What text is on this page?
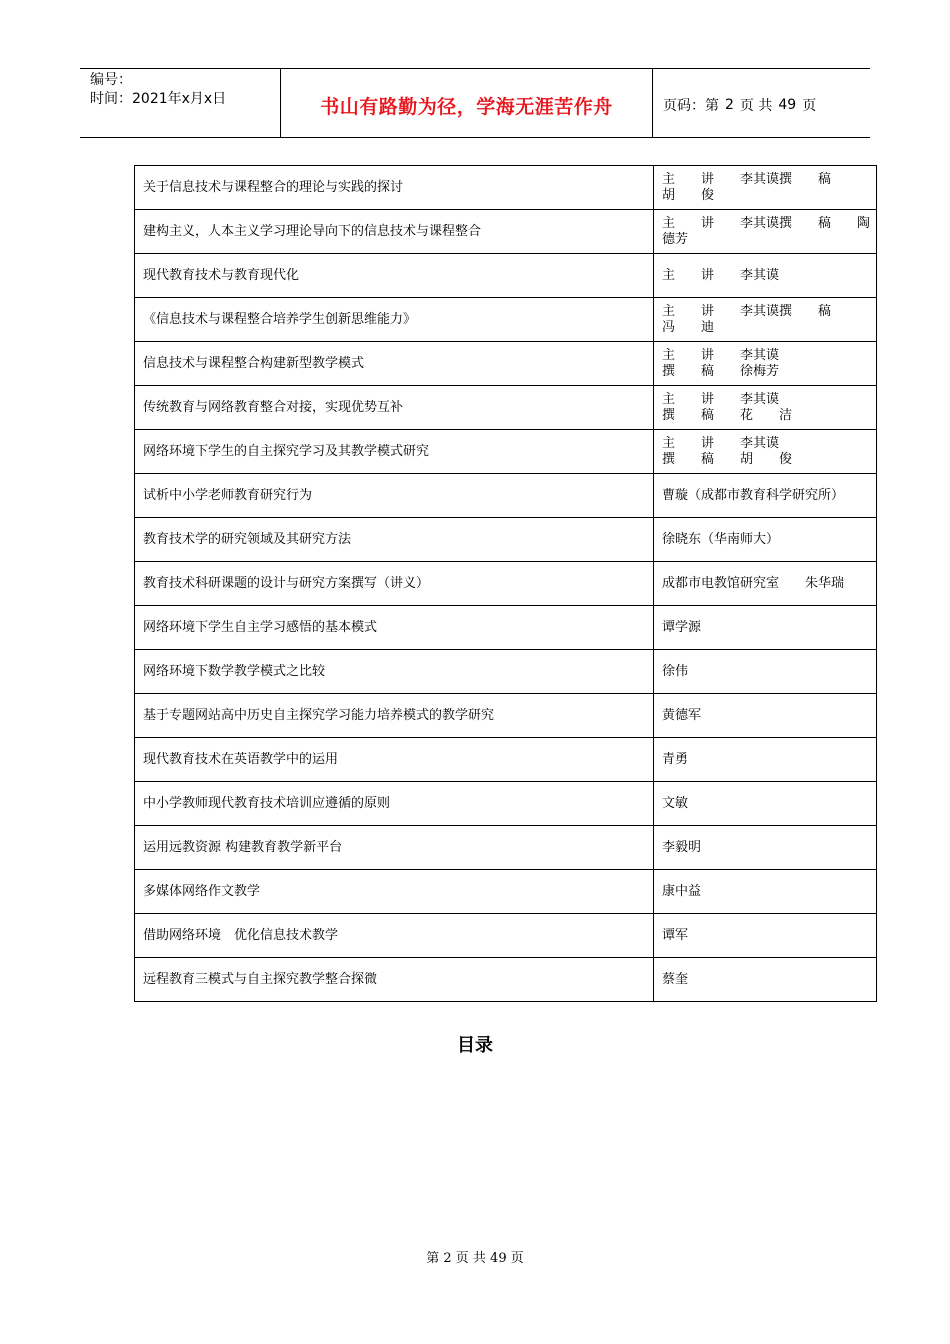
编号：
时间：2021年x月x日	书山有路勤为径，学海无涯苦作舟	页码：第 2 页 共 49 页
关于信息技术与课程整合的理论与实践的探讨	主　　讲　　李其谟撰　　稿
胡　　俊

建构主义，人本主义学习理论导向下的信息技术与课程整合	主　　讲　　李其谟撰　　稿　　陶
德芳

现代教育技术与教育现代化	主　　讲　　李其谟

《信息技术与课程整合培养学生创新思维能力》	主　　讲　　李其谟撰　　稿
冯　　迪

信息技术与课程整合构建新型教学模式	主　　讲　　李其谟
撰　　稿　　徐梅芳

传统教育与网络教育整合对接，实现优势互补	主　　讲　　李其谟
撰　　稿　　花　　洁

网络环境下学生的自主探究学习及其教学模式研究	主　　讲　　李其谟
撰　　稿　　胡　　俊

试析中小学老师教育研究行为	曹璇（成都市教育科学研究所）

教育技术学的研究领域及其研究方法	徐晓东（华南师大）

教育技术科研课题的设计与研究方案撰写（讲义）	成都市电教馆研究室　　朱华瑞

网络环境下学生自主学习感悟的基本模式	谭学源

网络环境下数学教学模式之比较	徐伟

基于专题网站高中历史自主探究学习能力培养模式的教学研究	黄德军

现代教育技术在英语教学中的运用	青勇

中小学教师现代教育技术培训应遵循的原则	文敏

运用远教资源 构建教育教学新平台	李毅明

多媒体网络作文教学	康中益

借助网络环境　优化信息技术教学	谭军

远程教育三模式与自主探究教学整合探微	蔡奎
目录
第 2 页 共 49 页
